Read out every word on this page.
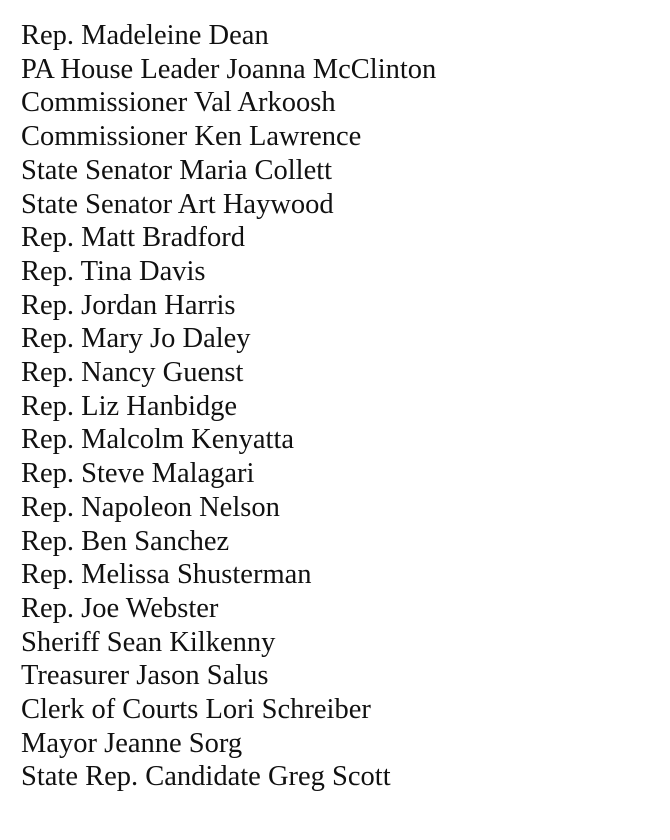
Rep. Madeleine Dean
PA House Leader Joanna McClinton
Commissioner Val Arkoosh
Commissioner Ken Lawrence
State Senator Maria Collett
State Senator Art Haywood
Rep. Matt Bradford
Rep. Tina Davis
Rep. Jordan Harris
Rep. Mary Jo Daley
Rep. Nancy Guenst
Rep. Liz Hanbidge
Rep. Malcolm Kenyatta
Rep. Steve Malagari
Rep. Napoleon Nelson
Rep. Ben Sanchez
Rep. Melissa Shusterman
Rep. Joe Webster
Sheriff Sean Kilkenny
Treasurer Jason Salus
Clerk of Courts Lori Schreiber
Mayor Jeanne Sorg
State Rep. Candidate Greg Scott
